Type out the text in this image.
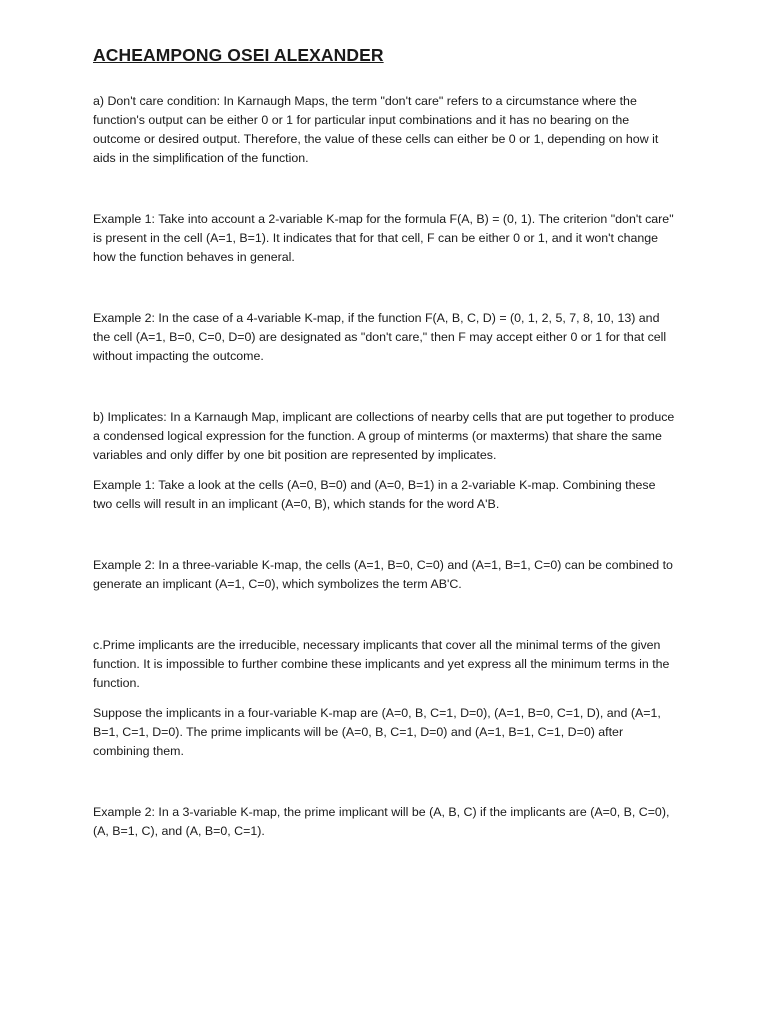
ACHEAMPONG OSEI ALEXANDER

a) Don't care condition: In Karnaugh Maps, the term "don't care" refers to a circumstance where the function's output can be either 0 or 1 for particular input combinations and it has no bearing on the outcome or desired output. Therefore, the value of these cells can either be 0 or 1, depending on how it aids in the simplification of the function.

Example 1: Take into account a 2-variable K-map for the formula F(A, B) = (0, 1). The criterion "don't care" is present in the cell (A=1, B=1). It indicates that for that cell, F can be either 0 or 1, and it won't change how the function behaves in general.

Example 2: In the case of a 4-variable K-map, if the function F(A, B, C, D) = (0, 1, 2, 5, 7, 8, 10, 13) and the cell (A=1, B=0, C=0, D=0) are designated as "don't care," then F may accept either 0 or 1 for that cell without impacting the outcome.

b) Implicates: In a Karnaugh Map, implicant are collections of nearby cells that are put together to produce a condensed logical expression for the function. A group of minterms (or maxterms) that share the same variables and only differ by one bit position are represented by implicates.

Example 1: Take a look at the cells (A=0, B=0) and (A=0, B=1) in a 2-variable K-map. Combining these two cells will result in an implicant (A=0, B), which stands for the word A'B.

Example 2: In a three-variable K-map, the cells (A=1, B=0, C=0) and (A=1, B=1, C=0) can be combined to generate an implicant (A=1, C=0), which symbolizes the term AB'C.

c.Prime implicants are the irreducible, necessary implicants that cover all the minimal terms of the given function. It is impossible to further combine these implicants and yet express all the minimum terms in the function.

Suppose the implicants in a four-variable K-map are (A=0, B, C=1, D=0), (A=1, B=0, C=1, D), and (A=1, B=1, C=1, D=0). The prime implicants will be (A=0, B, C=1, D=0) and (A=1, B=1, C=1, D=0) after combining them.

Example 2: In a 3-variable K-map, the prime implicant will be (A, B, C) if the implicants are (A=0, B, C=0), (A, B=1, C), and (A, B=0, C=1).
